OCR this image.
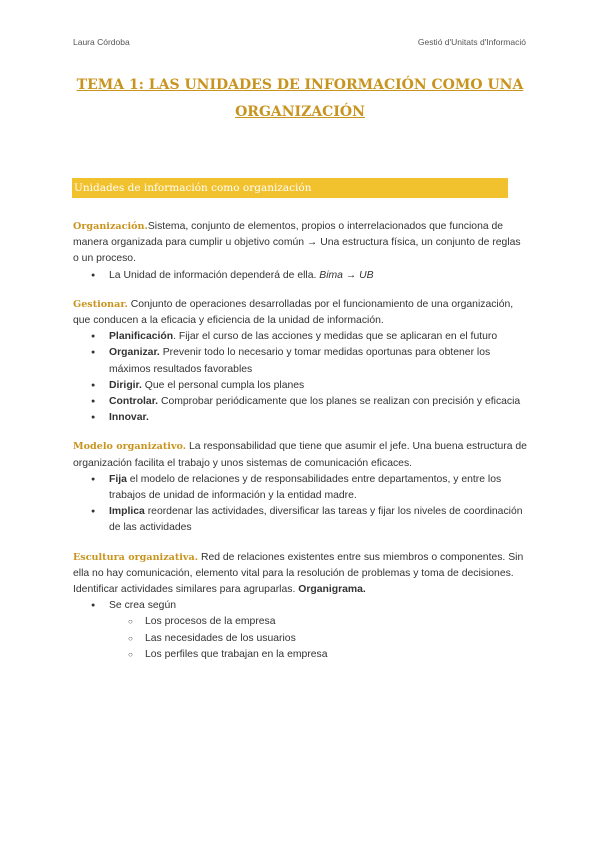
Laura Córdoba	Gestió d'Unitats d'Informació
TEMA 1: LAS UNIDADES DE INFORMACIÓN COMO UNA
ORGANIZACIÓN
Unidades de información como organización

Organización.Sistema, conjunto de elementos, propios o interrelacionados que funciona de manera organizada para cumplir u objetivo común → Una estructura física, un conjunto de reglas o un proceso.

● La Unidad de información dependerá de ella. Bima → UB

Gestionar. Conjunto de operaciones desarrolladas por el funcionamiento de una organización, que conducen a la eficacia y eficiencia de la unidad de información.

● Planificación. Fijar el curso de las acciones y medidas que se aplicaran en el futuro
● Organizar. Prevenir todo lo necesario y tomar medidas oportunas para obtener los máximos resultados favorables
● Dirigir. Que el personal cumpla los planes
● Controlar. Comprobar periódicamente que los planes se realizan con precisión y eficacia
● Innovar.

Modelo organizativo. La responsabilidad que tiene que asumir el jefe. Una buena estructura de organización facilita el trabajo y unos sistemas de comunicación eficaces.

● Fija el modelo de relaciones y de responsabilidades entre departamentos, y entre los trabajos de unidad de información y la entidad madre.
● Implica reordenar las actividades, diversificar las tareas y fijar los niveles de coordinación de las actividades

Escultura organizativa. Red de relaciones existentes entre sus miembros o componentes. Sin ella no hay comunicación, elemento vital para la resolución de problemas y toma de decisiones. Identificar actividades similares para agruparlas. Organigrama.

● Se crea según
○ Los procesos de la empresa
○ Las necesidades de los usuarios
○ Los perfiles que trabajan en la empresa
